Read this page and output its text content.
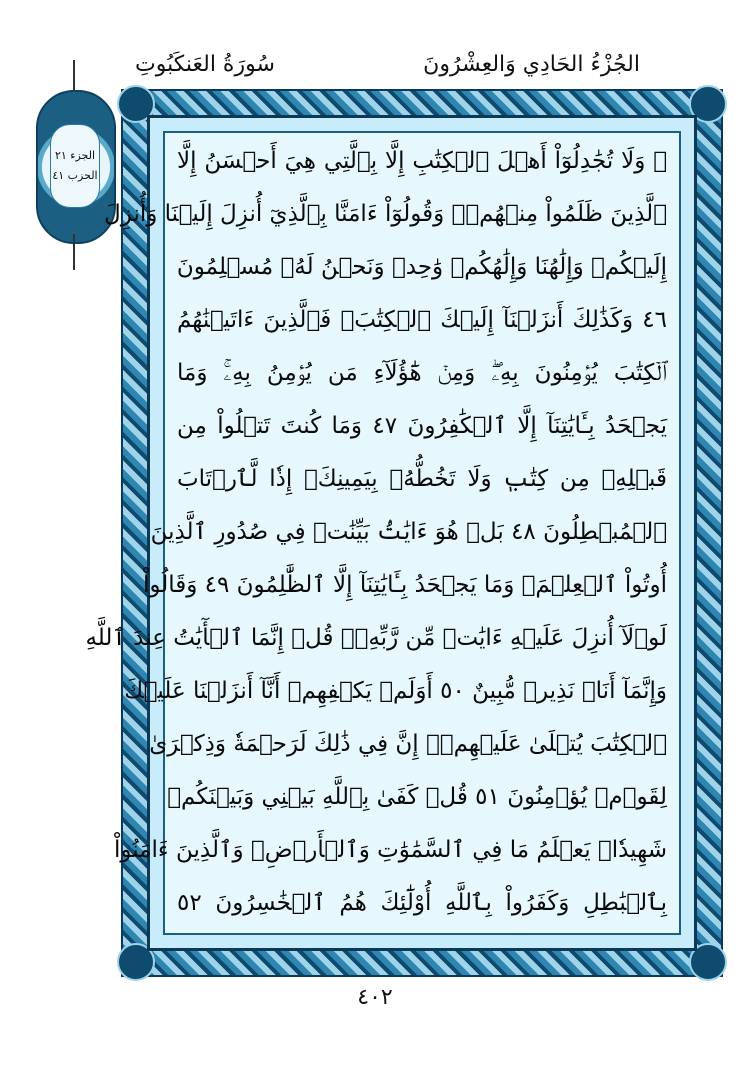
الجُزْءُ الحَادِي وَالعِشْرُونَ
سُورَةُ العَنكَبُوتِ
الجزء ٢١
الحزب ٤١
۞ وَلَا تُجَٰدِلُوٓاْ أَهۡلَ ٱلۡكِتَٰبِ إِلَّا بِٱلَّتِي هِيَ أَحۡسَنُ إِلَّا
ٱلَّذِينَ ظَلَمُواْ مِنۡهُمۡۖ وَقُولُوٓاْ ءَامَنَّا بِٱلَّذِيٓ أُنزِلَ إِلَيۡنَا وَأُنزِلَ
إِلَيۡكُمۡ وَإِلَٰهُنَا وَإِلَٰهُكُمۡ وَٰحِدٞ وَنَحۡنُ لَهُۥ مُسۡلِمُونَ
٤٦ وَكَذَٰلِكَ أَنزَلۡنَآ إِلَيۡكَ ٱلۡكِتَٰبَۚ فَٱلَّذِينَ ءَاتَيۡنَٰهُمُ
ٱلۡكِتَٰبَ يُؤۡمِنُونَ بِهِۦۖ وَمِنۡ هَٰٓؤُلَآءِ مَن يُؤۡمِنُ بِهِۦۚ وَمَا
يَجۡحَدُ بِـَٔايَٰتِنَآ إِلَّا ٱلۡكَٰفِرُونَ ٤٧ وَمَا كُنتَ تَتۡلُواْ مِن
قَبۡلِهِۦ مِن كِتَٰبٖ وَلَا تَخُطُّهُۥ بِيَمِينِكَۖ إِذٗا لَّٱرۡتَابَ
ٱلۡمُبۡطِلُونَ ٤٨ بَلۡ هُوَ ءَايَٰتُۢ بَيِّنَٰتٞ فِي صُدُورِ ٱلَّذِينَ
أُوتُواْ ٱلۡعِلۡمَۚ وَمَا يَجۡحَدُ بِـَٔايَٰتِنَآ إِلَّا ٱلظَّٰلِمُونَ ٤٩ وَقَالُواْ
لَوۡلَآ أُنزِلَ عَلَيۡهِ ءَايَٰتٞ مِّن رَّبِّهِۦۚ قُلۡ إِنَّمَا ٱلۡأٓيَٰتُ عِندَ ٱللَّهِ
وَإِنَّمَآ أَنَا۠ نَذِيرٞ مُّبِينٌ ٥٠ أَوَلَمۡ يَكۡفِهِمۡ أَنَّآ أَنزَلۡنَا عَلَيۡكَ
ٱلۡكِتَٰبَ يُتۡلَىٰ عَلَيۡهِمۡۚ إِنَّ فِي ذَٰلِكَ لَرَحۡمَةٗ وَذِكۡرَىٰ
لِقَوۡمٖ يُؤۡمِنُونَ ٥١ قُلۡ كَفَىٰ بِٱللَّهِ بَيۡنِي وَبَيۡنَكُمۡ
شَهِيدٗاۖ يَعۡلَمُ مَا فِي ٱلسَّمَٰوَٰتِ وَٱلۡأَرۡضِۗ وَٱلَّذِينَ ءَامَنُواْ
بِٱلۡبَٰطِلِ وَكَفَرُواْ بِٱللَّهِ أُوْلَٰٓئِكَ هُمُ ٱلۡخَٰسِرُونَ ٥٢
٤٠٢
